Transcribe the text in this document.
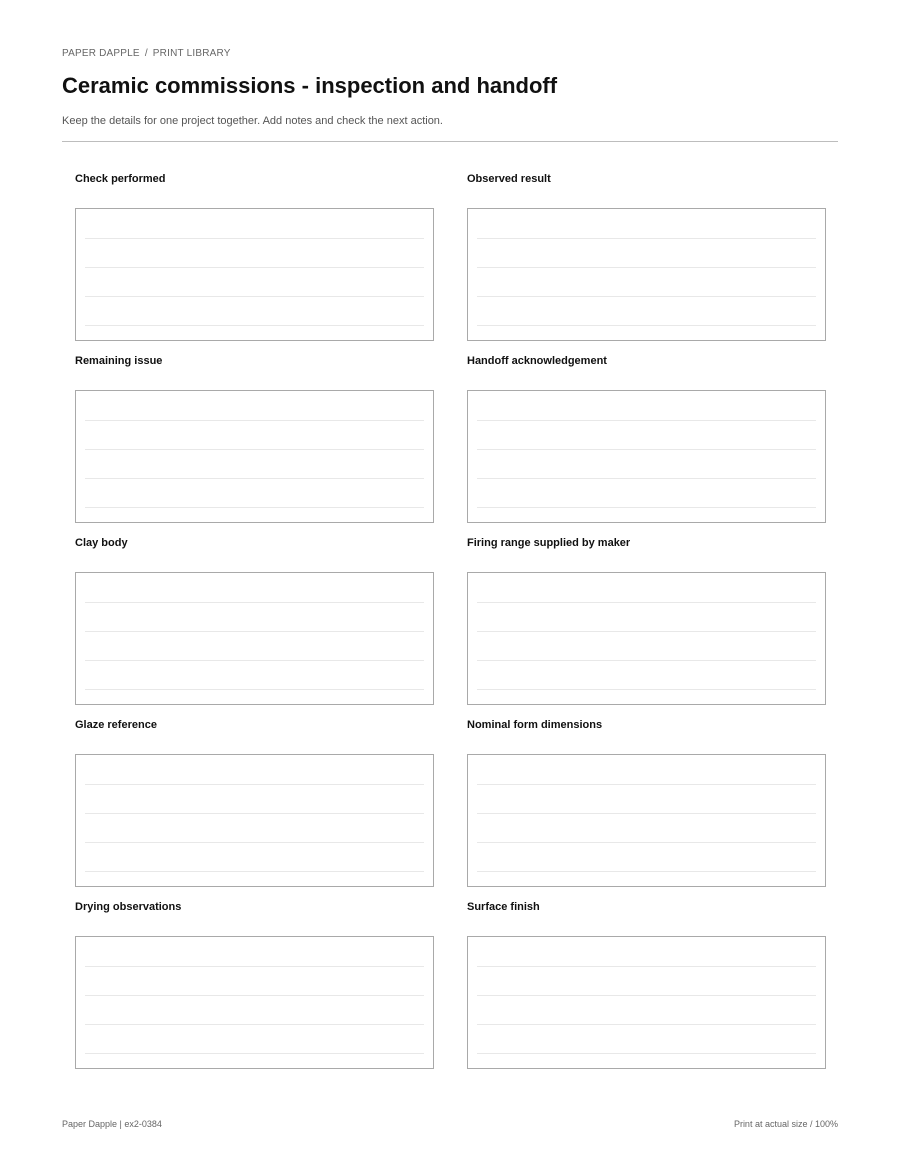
PAPER DAPPLE / PRINT LIBRARY
Ceramic commissions - inspection and handoff

Keep the details for one project together. Add notes and check the next action.

Check performed	Observed result
Remaining issue	Handoff acknowledgement
Clay body	Firing range supplied by maker
Glaze reference	Nominal form dimensions
Drying observations	Surface finish
Paper Dapple | ex2-0384	Print at actual size / 100%
